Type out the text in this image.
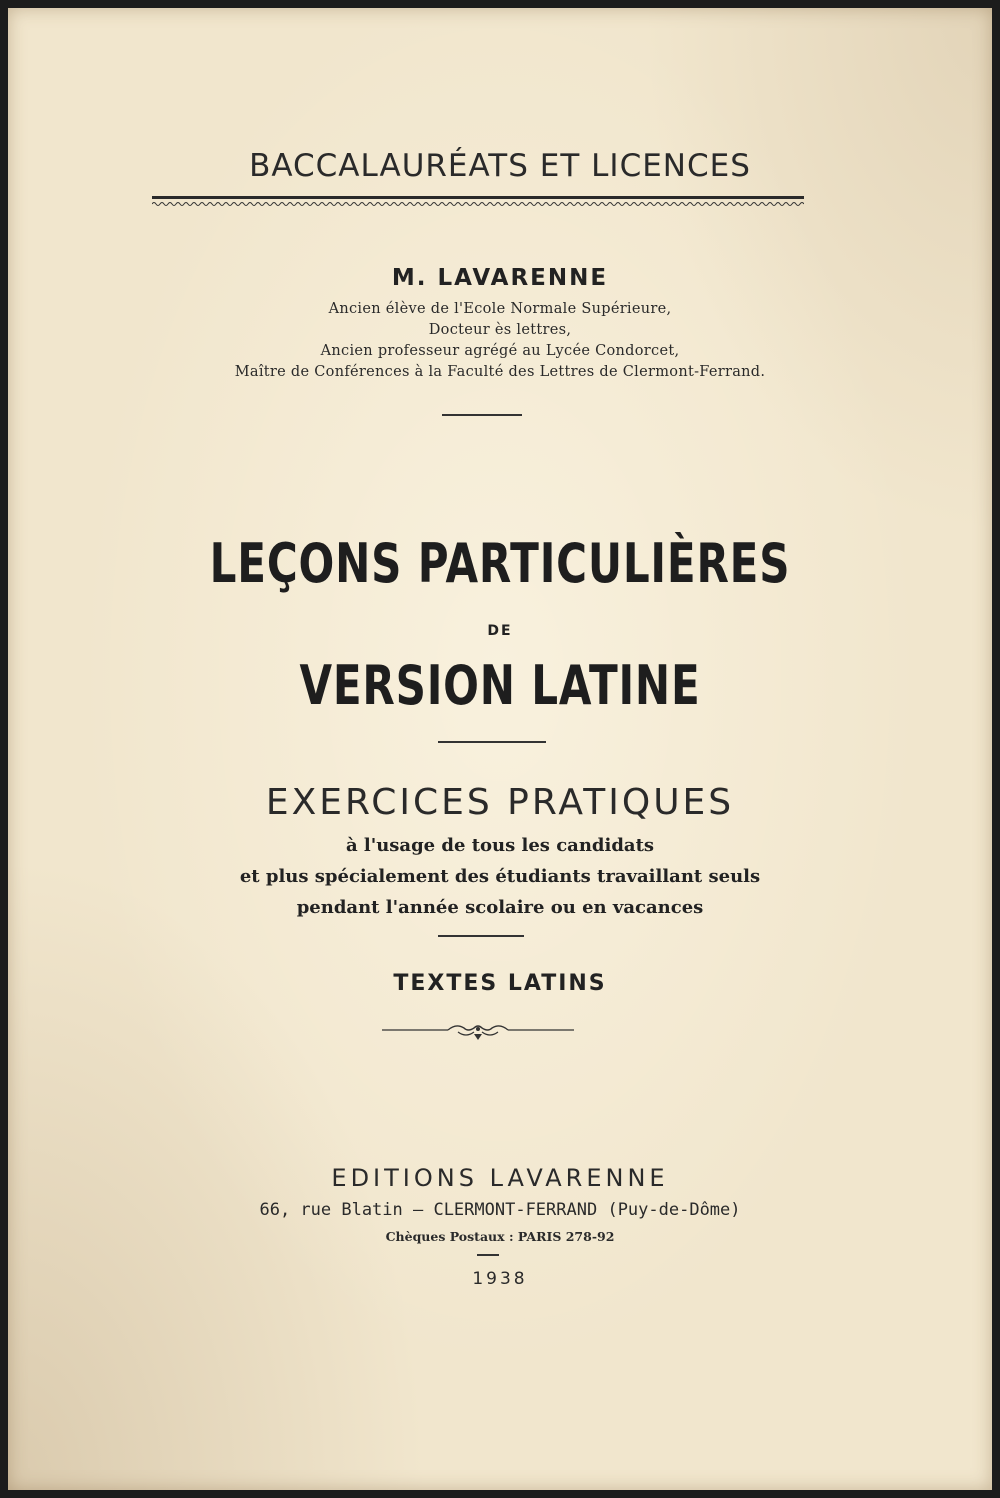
BACCALAURÉATS ET LICENCES
M. LAVARENNE
Ancien élève de l'Ecole Normale Supérieure,
Docteur ès lettres,
Ancien professeur agrégé au Lycée Condorcet,
Maître de Conférences à la Faculté des Lettres de Clermont-Ferrand.
LEÇONS PARTICULIÈRES
DE
VERSION LATINE
EXERCICES PRATIQUES
à l'usage de tous les candidats
et plus spécialement des étudiants travaillant seuls
pendant l'année scolaire ou en vacances
TEXTES LATINS
EDITIONS LAVARENNE
66, rue Blatin — CLERMONT-FERRAND (Puy-de-Dôme)
Chèques Postaux : PARIS 278-92
1938
